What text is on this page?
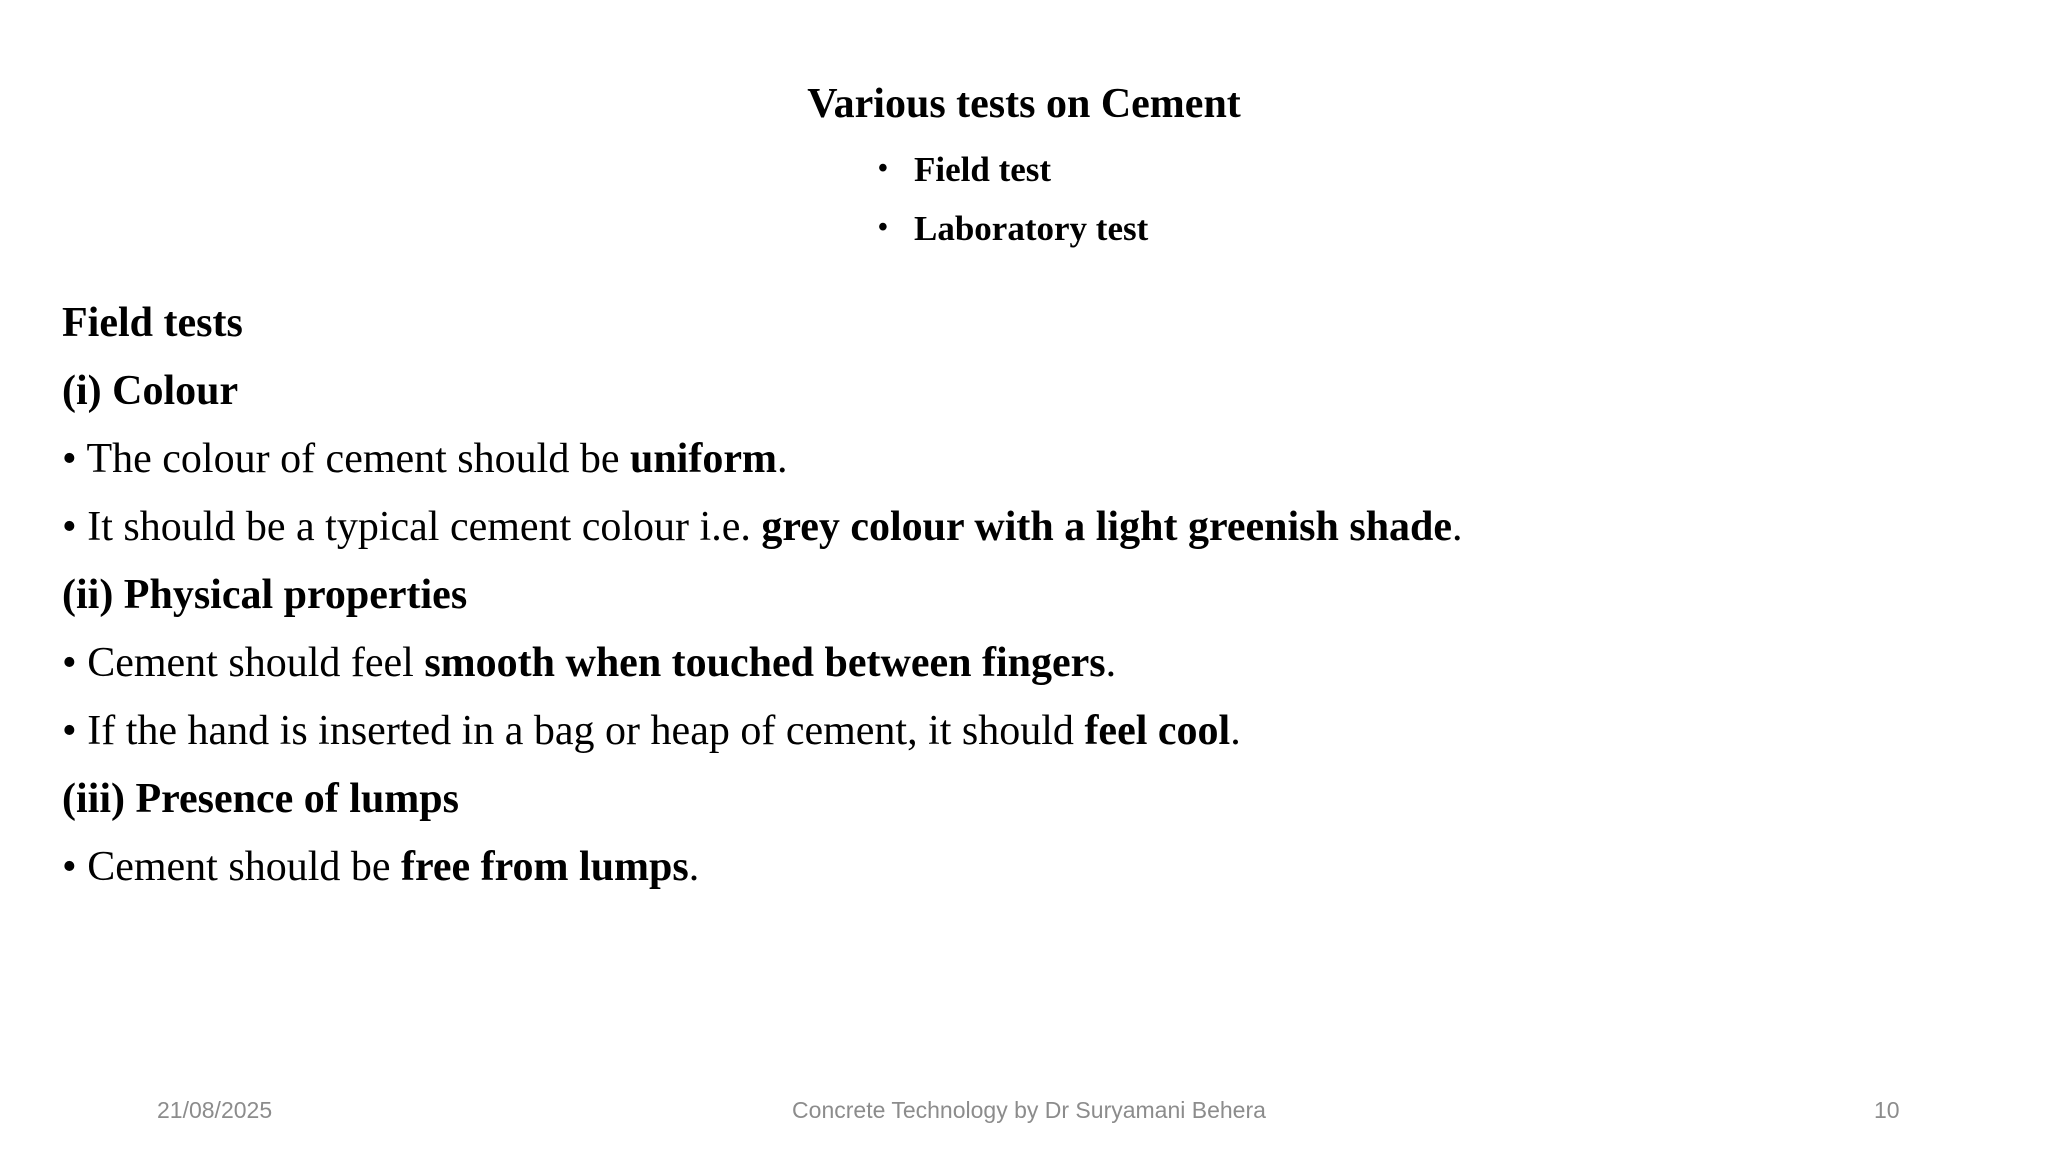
Various tests on Cement
• Field test
• Laboratory test
Field tests
(i) Colour
• The colour of cement should be uniform.
• It should be a typical cement colour i.e. grey colour with a light greenish shade.
(ii) Physical properties
• Cement should feel smooth when touched between fingers.
• If the hand is inserted in a bag or heap of cement, it should feel cool.
(iii) Presence of lumps
• Cement should be free from lumps.
21/08/2025	Concrete Technology by Dr Suryamani Behera	10
